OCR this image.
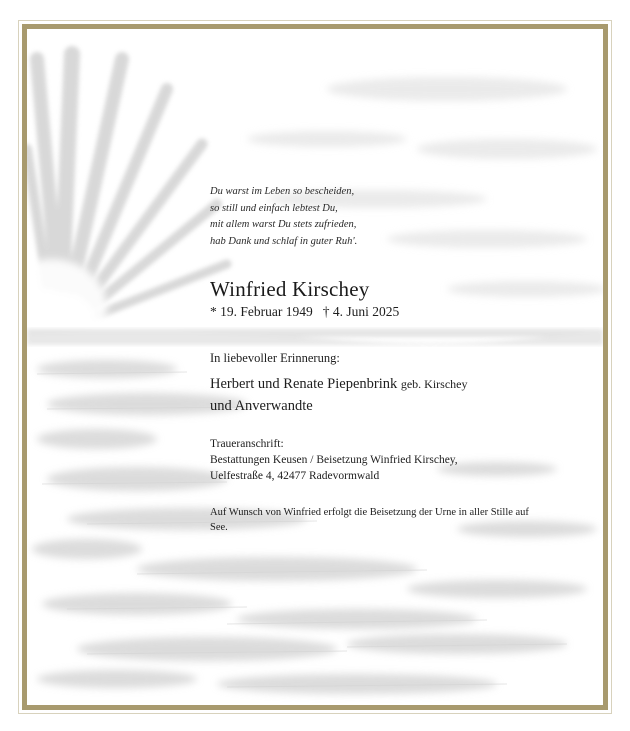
Du warst im Leben so bescheiden,
so still und einfach lebtest Du,
mit allem warst Du stets zufrieden,
hab Dank und schlaf in guter Ruh'.
Winfried Kirschey
* 19. Februar 1949 † 4. Juni 2025
In liebevoller Erinnerung:
Herbert und Renate Piepenbrink geb. Kirschey
und Anverwandte
Traueranschrift:
Bestattungen Keusen / Beisetzung Winfried Kirschey,
Uelfestraße 4, 42477 Radevormwald
Auf Wunsch von Winfried erfolgt die Beisetzung der Urne in aller Stille auf See.
